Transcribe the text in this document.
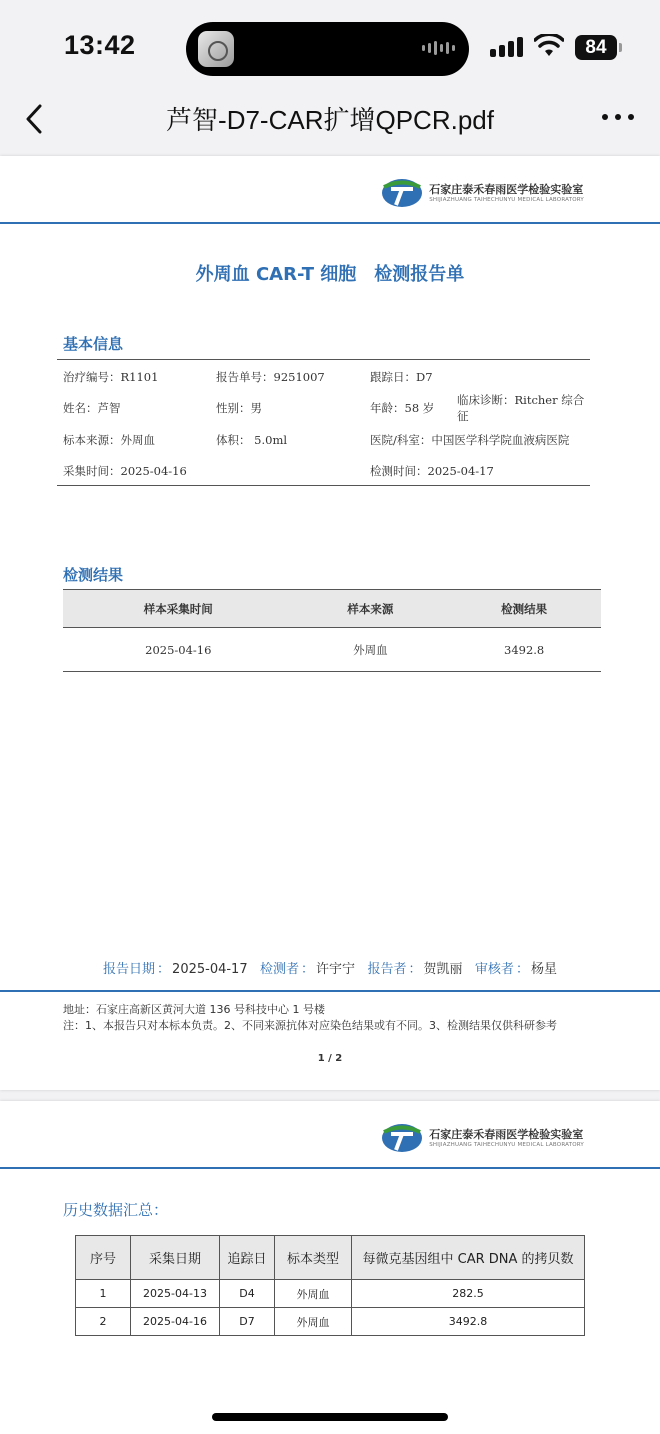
13:42	84
芦智-D7-CAR扩增QPCR.pdf
石家庄泰禾春雨医学检验实验室
SHIJIAZHUANG TAIHECHUNYU MEDICAL LABORATORY
外周血 CAR-T 细胞　检测报告单
基本信息
治疗编号：R1101	报告单号：9251007	跟踪日：D7
姓名：芦智	性别：男	年龄：58 岁
临床诊断：Ritcher 综合征
标本来源：外周血	体积： 5.0ml	医院/科室：中国医学科学院血液病医院
采集时间：2025-04-16	检测时间：2025-04-17
检测结果
样本采集时间	样本来源	检测结果
2025-04-16	外周血	3492.8
报告日期 ： 2025-04-17 检测者 ： 许宇宁 报告者 ： 贺凯丽 审核者 ： 杨星
地址：石家庄高新区黄河大道 136 号科技中心 1 号楼
注：1、本报告只对本标本负责。2、不同来源抗体对应染色结果或有不同。3、检测结果仅供科研参考
1 / 2
石家庄泰禾春雨医学检验实验室
SHIJIAZHUANG TAIHECHUNYU MEDICAL LABORATORY
历史数据汇总：
序号	采集日期	追踪日	标本类型	每微克基因组中 CAR DNA 的拷贝数
1	2025-04-13	D4	外周血	282.5
2	2025-04-16	D7	外周血	3492.8
